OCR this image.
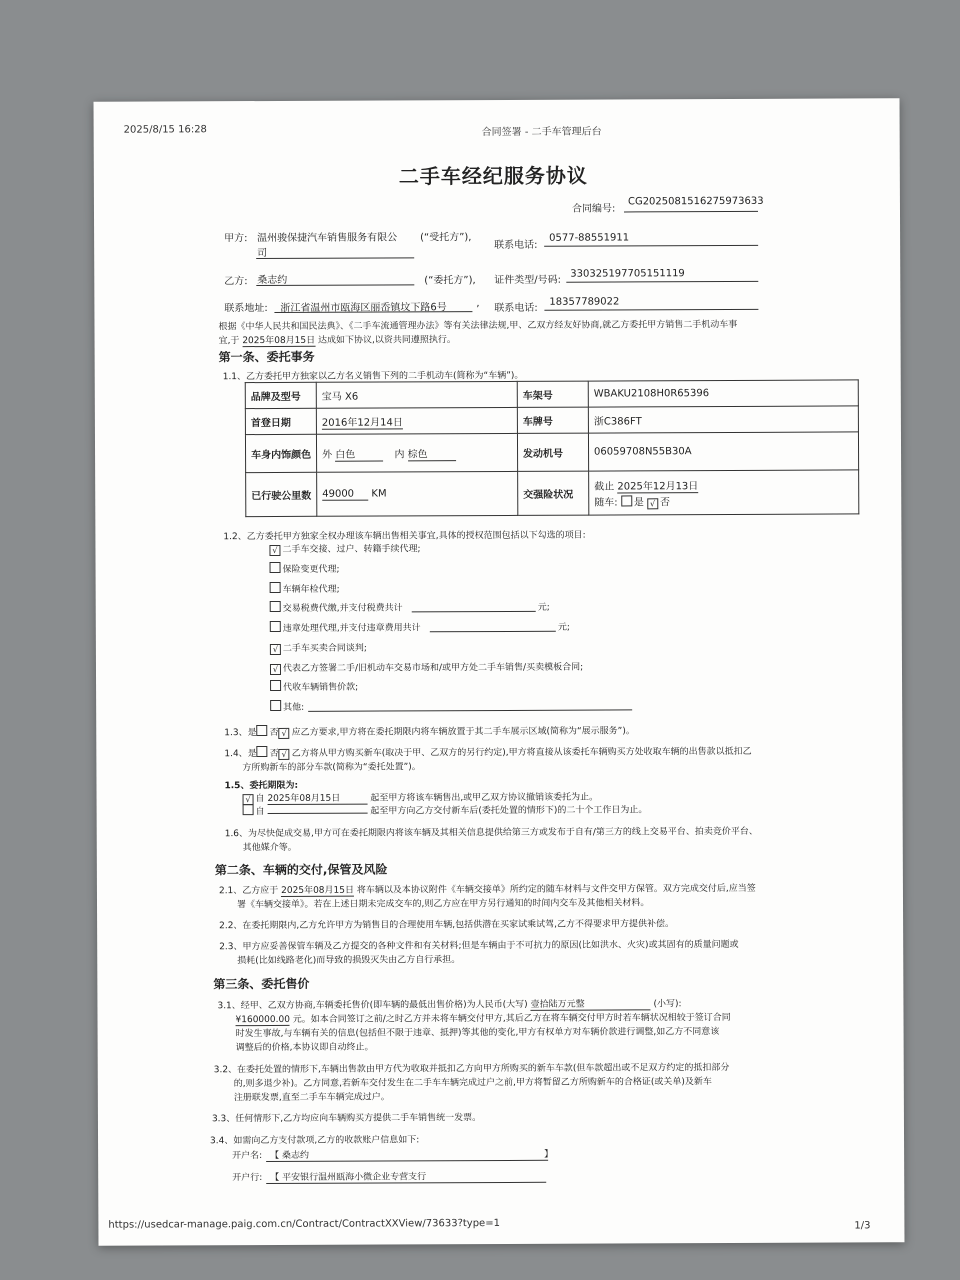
2025/8/15 16:28	合同签署 - 二手车管理后台
二手车经纪服务协议
合同编号:
CG2025081516275973633
甲方: 温州骏保捷汽车销售服务有限公
司
(“受托方”),
联系电话:
0577-88551911
乙方: 桑志约	(“委托方”), 证件类型/号码:
330325197705151119
联系地址: 浙江省温州市瓯海区丽岙镇坟下路6号	, 联系电话:
18357789022
根据《中华人民共和国民法典》、《二手车流通管理办法》等有关法律法规,甲、乙双方经友好协商,就乙方委托甲方销售二手机动车事
宜,于 2025年08月15日 达成如下协议,以资共同遵照执行。
第一条、委托事务
1.1、乙方委托甲方独家以乙方名义销售下列的二手机动车(简称为“车辆”)。
品牌及型号	宝马 X6	车架号	WBAKU2108H0R65396
首登日期	2016年12月14日	车牌号	浙C386FT
车身内饰颜色	外 白色 内 棕色	发动机号	06059708N55B30A
已行驶公里数	49000 KM	交强险状况	截止 2025年12月13日
随车: 是 √ 否
1.2、乙方委托甲方独家全权办理该车辆出售相关事宜,具体的授权范围包括以下勾选的项目:
√ 二手车交接、过户、转籍手续代理;
保险变更代理;
车辆年检代理;
交易税费代缴,并支付税费共计	元;
违章处理代理,并支付违章费用共计	元;
√ 二手车买卖合同谈判;
√ 代表乙方签署二手/旧机动车交易市场和/或甲方处二手车销售/买卖模板合同;
代收车辆销售价款;
其他:
1.3、是 否 √ 应乙方要求,甲方将在委托期限内将车辆放置于其二手车展示区域(简称为“展示服务”)。
1.4、是 否 √ 乙方将从甲方购买新车(取决于甲、乙双方的另行约定),甲方将直接从该委托车辆购买方处收取车辆的出售款以抵扣乙
方所购新车的部分车款(简称为“委托处置”)。
1.5、委托期限为:
√ 自 2025年08月15日	起至甲方将该车辆售出,或甲乙双方协议撤销该委托为止。
自	起至甲方向乙方交付新车后(委托处置的情形下)的二十个工作日为止。
1.6、为尽快促成交易,甲方可在委托期限内将该车辆及其相关信息提供给第三方或发布于自有/第三方的线上交易平台、拍卖竞价平台、
其他媒介等。
第二条、车辆的交付,保管及风险
2.1、乙方应于 2025年08月15日 将车辆以及本协议附件《车辆交接单》所约定的随车材料与文件交甲方保管。双方完成交付后,应当签
署《车辆交接单》。若在上述日期未完成交车的,则乙方应在甲方另行通知的时间内交车及其他相关材料。
2.2、在委托期限内,乙方允许甲方为销售目的合理使用车辆,包括供潜在买家试乘试驾,乙方不得要求甲方提供补偿。
2.3、甲方应妥善保管车辆及乙方提交的各种文件和有关材料;但是车辆由于不可抗力的原因(比如洪水、火灾)或其固有的质量问题或
损耗(比如线路老化)而导致的损毁灭失由乙方自行承担。
第三条、委托售价
3.1、经甲、乙双方协商,车辆委托售价(即车辆的最低出售价格)为人民币(大写) 壹拾陆万元整	(小写):
¥160000.00 元。如本合同签订之前/之时乙方并未将车辆交付甲方,其后乙方在将车辆交付甲方时若车辆状况相较于签订合同
时发生事故,与车辆有关的信息(包括但不限于违章、抵押)等其他的变化,甲方有权单方对车辆价款进行调整,如乙方不同意该
调整后的价格,本协议即自动终止。
3.2、在委托处置的情形下,车辆出售款由甲方代为收取并抵扣乙方向甲方所购买的新车车款(但车款超出或不足双方约定的抵扣部分
的,则多退少补)。乙方同意,若新车交付发生在二手车车辆完成过户之前,甲方将暂留乙方所购新车的合格证(或关单)及新车
注册联发票,直至二手车车辆完成过户。
3.3、任何情形下,乙方均应向车辆购买方提供二手车销售统一发票。
3.4、如需向乙方支付款项,乙方的收款账户信息如下:
开户名: 【 桑志约	】
开户行: 【 平安银行温州瓯海小微企业专营支行
https://usedcar-manage.paig.com.cn/Contract/ContractXXView/73633?type=1	1/3
